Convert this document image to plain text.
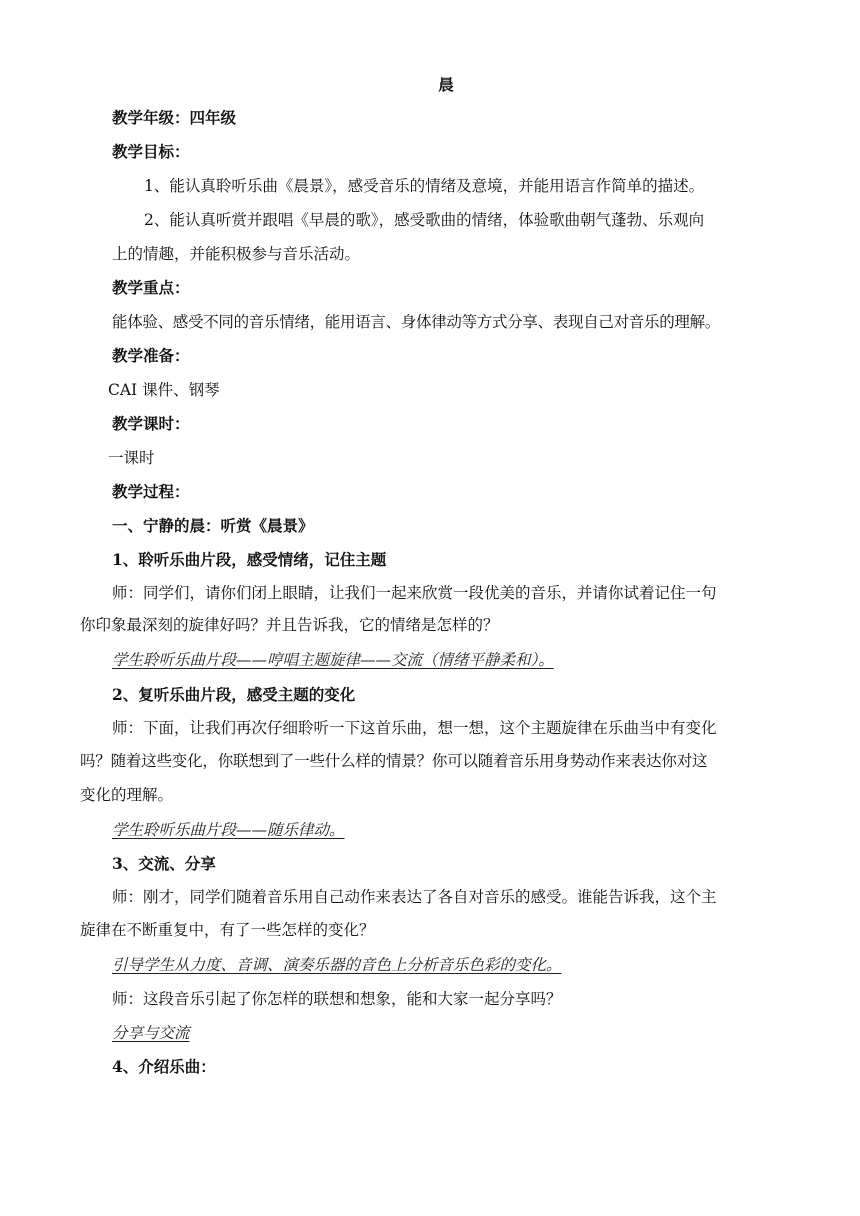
晨
教学年级：四年级
教学目标：
1、能认真聆听乐曲《晨景》，感受音乐的情绪及意境，并能用语言作简单的描述。
2、能认真听赏并跟唱《早晨的歌》，感受歌曲的情绪，体验歌曲朝气蓬勃、乐观向
上的情趣，并能积极参与音乐活动。
教学重点：
能体验、感受不同的音乐情绪，能用语言、身体律动等方式分享、表现自己对音乐的理解。
教学准备：
CAI 课件、钢琴
教学课时：
一课时
教学过程：
一、宁静的晨：听赏《晨景》
1、聆听乐曲片段，感受情绪，记住主题
师：同学们，请你们闭上眼睛，让我们一起来欣赏一段优美的音乐，并请你试着记住一句
你印象最深刻的旋律好吗？并且告诉我，它的情绪是怎样的？
学生聆听乐曲片段——哼唱主题旋律——交流（情绪平静柔和）。
2、复听乐曲片段，感受主题的变化
师：下面，让我们再次仔细聆听一下这首乐曲，想一想，这个主题旋律在乐曲当中有变化
吗？随着这些变化，你联想到了一些什么样的情景？你可以随着音乐用身势动作来表达你对这
变化的理解。
学生聆听乐曲片段——随乐律动。
3、交流、分享
师：刚才，同学们随着音乐用自己动作来表达了各自对音乐的感受。谁能告诉我，这个主
旋律在不断重复中，有了一些怎样的变化？
引导学生从力度、音调、演奏乐器的音色上分析音乐色彩的变化。
师：这段音乐引起了你怎样的联想和想象，能和大家一起分享吗？
分享与交流
4、介绍乐曲：
